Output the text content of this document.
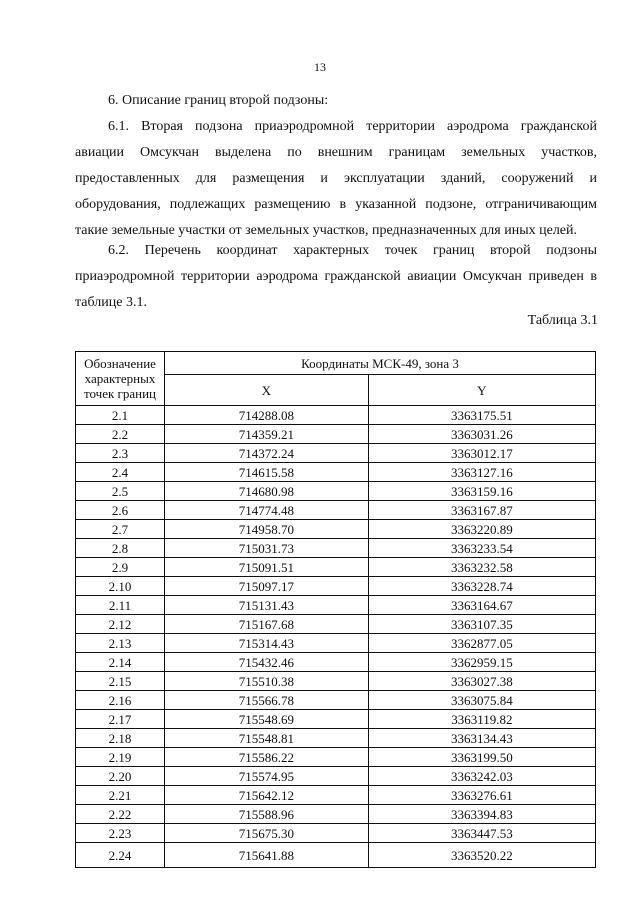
13
6. Описание границ второй подзоны:
6.1. Вторая подзона приаэродромной территории аэродрома гражданской авиации Омсукчан выделена по внешним границам земельных участков, предоставленных для размещения и эксплуатации зданий, сооружений и оборудования, подлежащих размещению в указанной подзоне, отграничивающим такие земельные участки от земельных участков, предназначенных для иных целей.
6.2. Перечень координат характерных точек границ второй подзоны приаэродромной территории аэродрома гражданской авиации Омсукчан приведен в таблице 3.1.
Таблица 3.1
Обозначение
характерных
точек границ	Координаты МСК-49, зона 3	
	X	Y
2.1	714288.08	3363175.51
2.2	714359.21	3363031.26
2.3	714372.24	3363012.17
2.4	714615.58	3363127.16
2.5	714680.98	3363159.16
2.6	714774.48	3363167.87
2.7	714958.70	3363220.89
2.8	715031.73	3363233.54
2.9	715091.51	3363232.58
2.10	715097.17	3363228.74
2.11	715131.43	3363164.67
2.12	715167.68	3363107.35
2.13	715314.43	3362877.05
2.14	715432.46	3362959.15
2.15	715510.38	3363027.38
2.16	715566.78	3363075.84
2.17	715548.69	3363119.82
2.18	715548.81	3363134.43
2.19	715586.22	3363199.50
2.20	715574.95	3363242.03
2.21	715642.12	3363276.61
2.22	715588.96	3363394.83
2.23	715675.30	3363447.53
2.24	715641.88	3363520.22
